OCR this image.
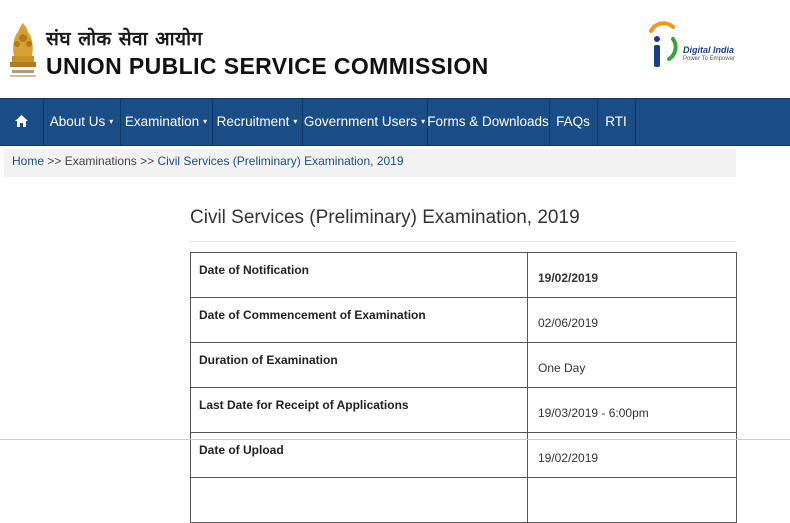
संघ लोक सेवा आयोग
UNION PUBLIC SERVICE COMMISSION
Digital India
Power To Empower
About Us ▾ Examination ▾ Recruitment ▾ Government Users ▾ Forms & Downloads FAQs	RTI
Home >> Examinations >> Civil Services (Preliminary) Examination, 2019
Civil Services (Preliminary) Examination, 2019
Date of Notification	19/02/2019
Date of Commencement of Examination	02/06/2019
Duration of Examination	One Day
Last Date for Receipt of Applications	19/03/2019 - 6:00pm
Date of Upload	19/02/2019
